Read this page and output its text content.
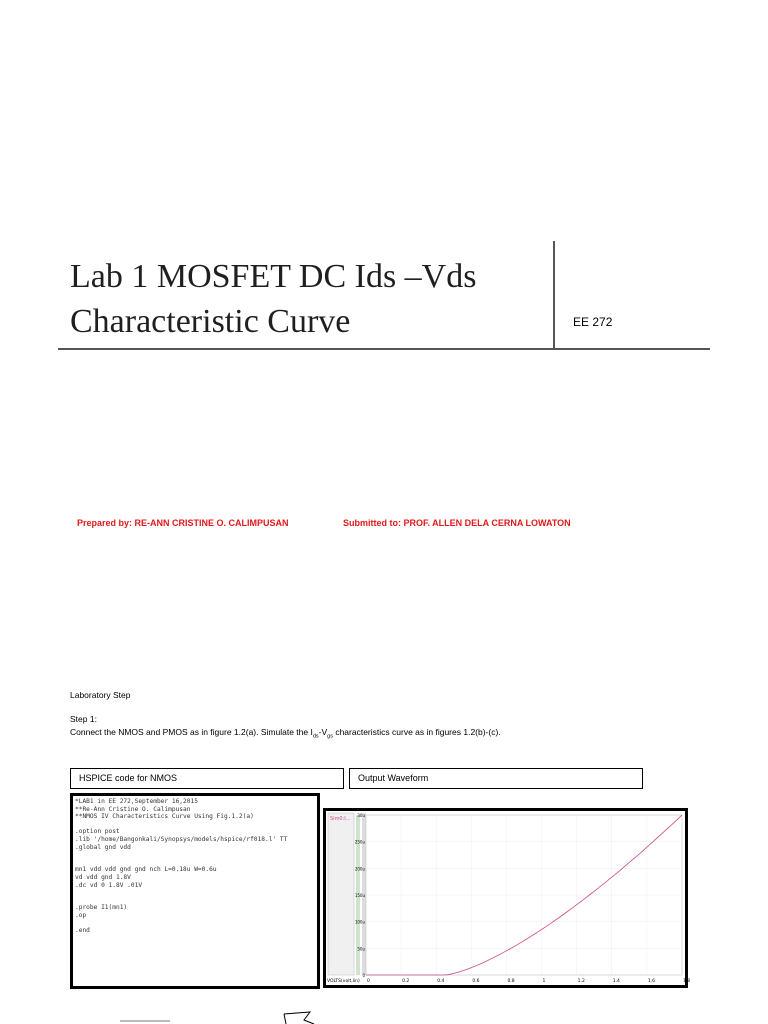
Lab 1 MOSFET DC Ids –Vds
Characteristic Curve	EE 272
Prepared by: RE-ANN CRISTINE O. CALIMPUSAN	Submitted to: PROF. ALLEN DELA CERNA LOWATON
Laboratory Step
Step 1:
Connect the NMOS and PMOS as in figure 1.2(a). Simulate the $I_{ds}-V_{gs}$ characteristics curve as in figures 1.2(b)-(c).
HSPICE code for NMOS	Output Waveform
*LAB1 in EE 272,September 16,2015
**Re-Ann Cristine O. Calimpusan
**NMOS IV Characteristics Curve Using Fig.1.2(a)

.option post
.lib '/home/Bangonkali/Synopsys/models/hspice/rf018.l' TT
.global gnd vdd

mn1 vdd vdd gnd gnd nch L=0.18u W=0.6u
vd vdd gnd 1.8V
.dc vd 0 1.8V .01V

.probe I1(mn1)
.op

.end
Sim0:I...
30u
250u
200u
150u
100u
50u
0
0	0.2	0.4	0.6	0.8	1	1.2	1.4	1.6	1.8
VOLTS(volt,lin)
